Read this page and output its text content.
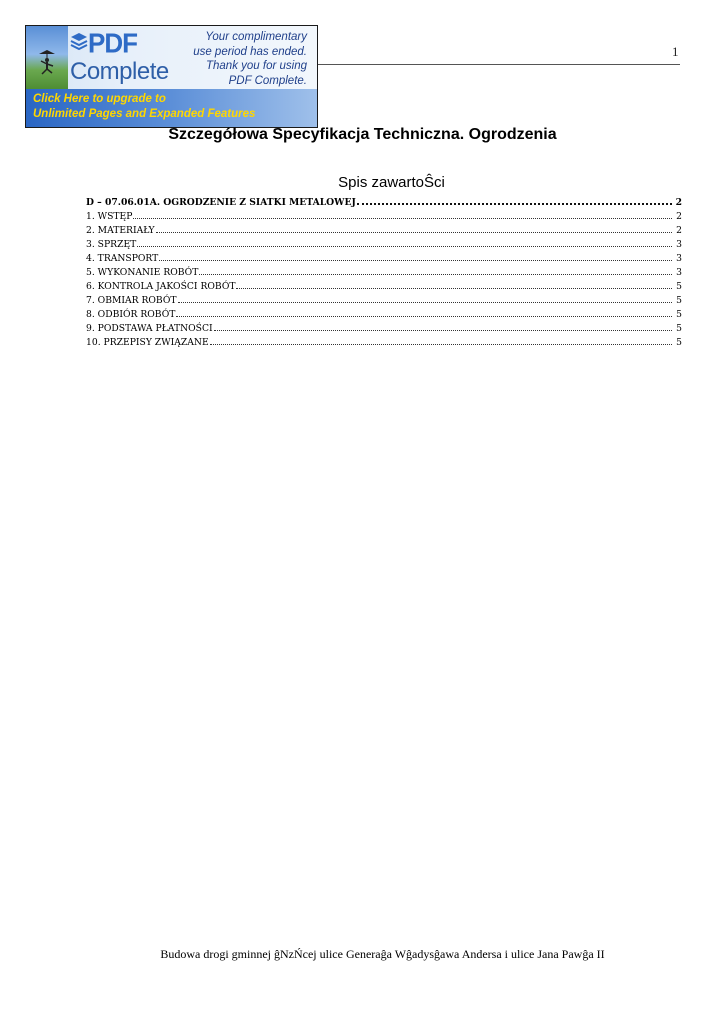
1
PDF
Complete
Your complimentary
use period has ended.
Thank you for using
PDF Complete.
Click Here to upgrade to
Unlimited Pages and Expanded Features
Szczegółowa Specyfikacja Techniczna. Ogrodzenia
Spis zawartoŜci
D – 07.06.01A. OGRODZENIE Z SIATKI METALOWEJ	2
1. WSTĘP	2
2. MATERIAŁY	2
3. SPRZĘT	3
4. TRANSPORT	3
5. WYKONANIE ROBÓT	3
6. KONTROLA JAKOŚCI ROBÓT	5
7. OBMIAR ROBÓT	5
8. ODBIÓR ROBÓT	5
9. PODSTAWA PŁATNOŚCI	5
10. PRZEPISY ZWIĄZANE	5
Budowa drogi gminnej ĝNzŃcej ulice Generaĝa Wĝadysĝawa Andersa i ulice Jana Pawĝa II
